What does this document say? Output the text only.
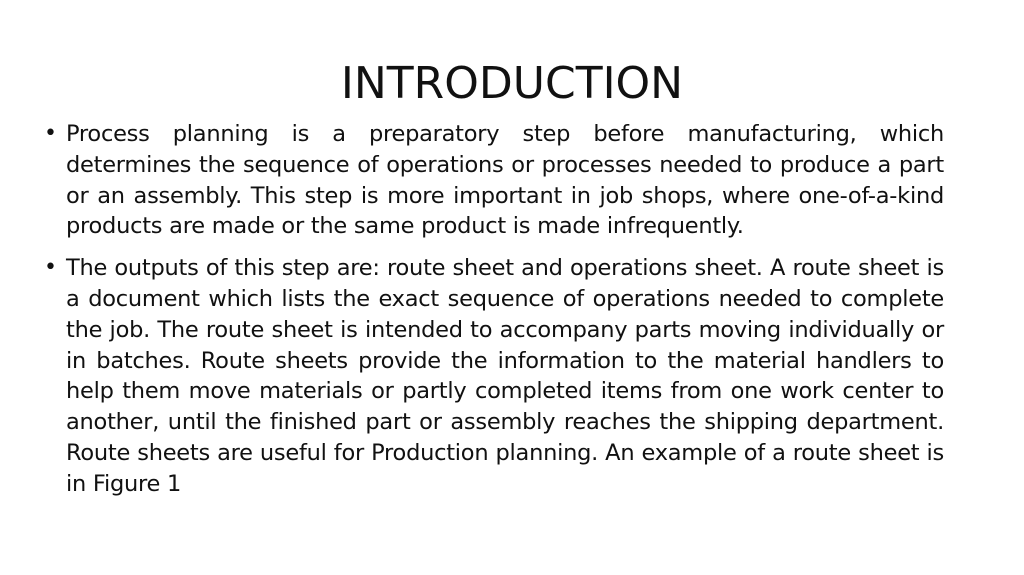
INTRODUCTION
• Process planning is a preparatory step before manufacturing, which determines the sequence of operations or processes needed to produce a part or an assembly. This step is more important in job shops, where one-of-a-kind products are made or the same product is made infrequently.
• The outputs of this step are: route sheet and operations sheet. A route sheet is a document which lists the exact sequence of operations needed to complete the job. The route sheet is intended to accompany parts moving individually or in batches. Route sheets provide the information to the material handlers to help them move materials or partly completed items from one work center to another, until the finished part or assembly reaches the shipping department. Route sheets are useful for Production planning. An example of a route sheet is in Figure 1
